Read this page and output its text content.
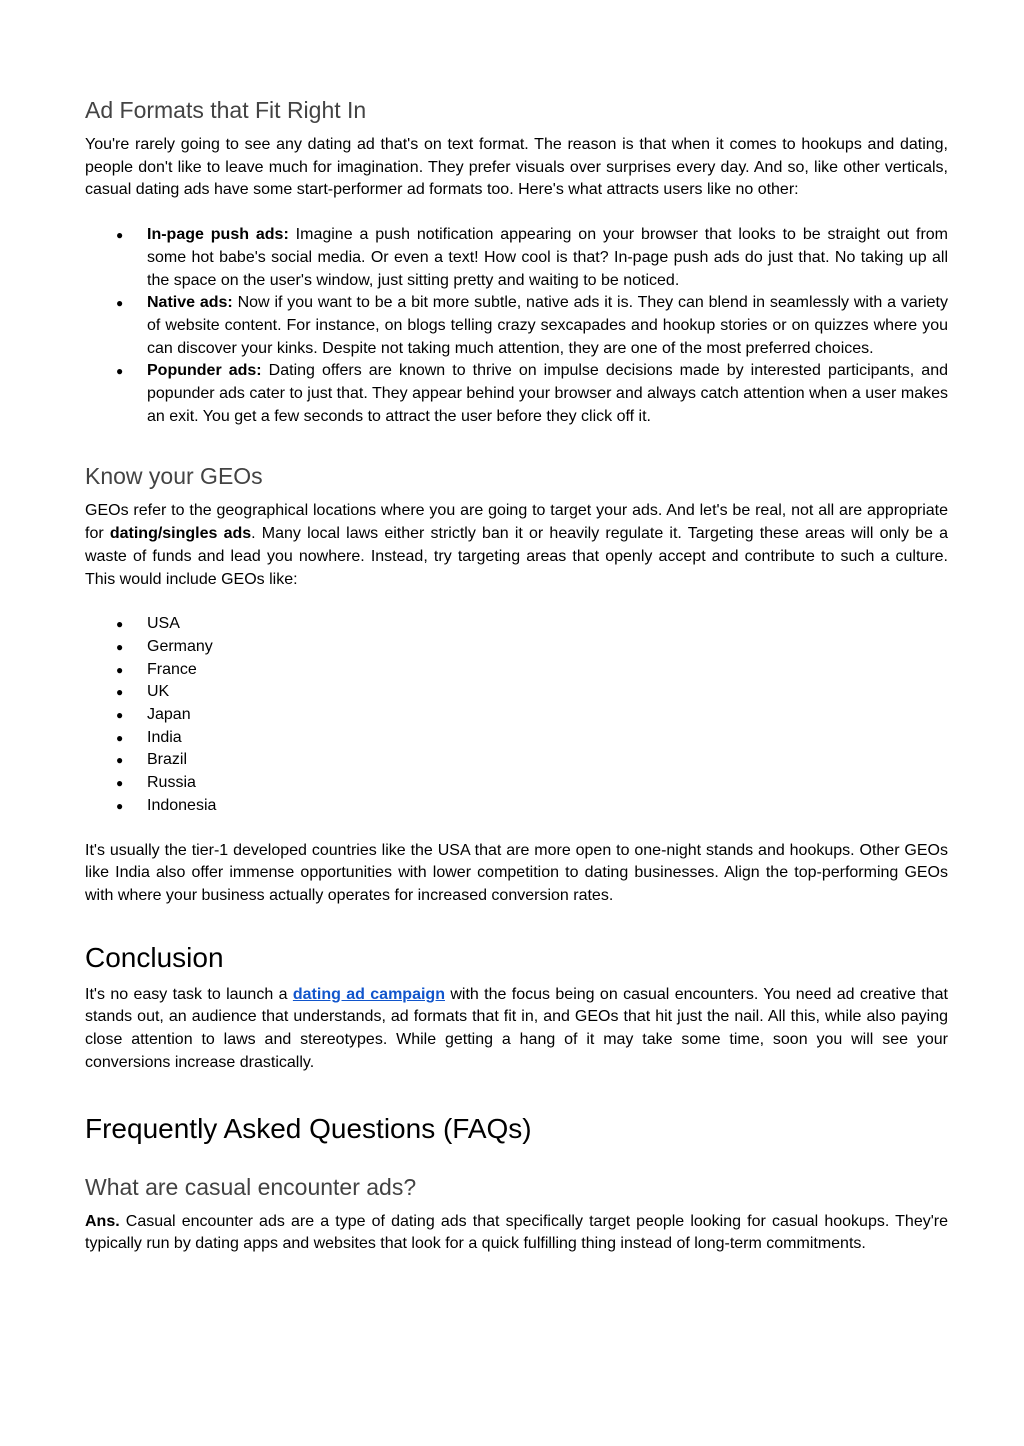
Ad Formats that Fit Right In

You're rarely going to see any dating ad that's on text format. The reason is that when it comes to hookups and dating, people don't like to leave much for imagination. They prefer visuals over surprises every day. And so, like other verticals, casual dating ads have some start-performer ad formats too. Here's what attracts users like no other:

● In-page push ads: Imagine a push notification appearing on your browser that looks to be straight out from some hot babe's social media. Or even a text! How cool is that? In-page push ads do just that. No taking up all the space on the user's window, just sitting pretty and waiting to be noticed.
● Native ads: Now if you want to be a bit more subtle, native ads it is. They can blend in seamlessly with a variety of website content. For instance, on blogs telling crazy sexcapades and hookup stories or on quizzes where you can discover your kinks. Despite not taking much attention, they are one of the most preferred choices.
● Popunder ads: Dating offers are known to thrive on impulse decisions made by interested participants, and popunder ads cater to just that. They appear behind your browser and always catch attention when a user makes an exit. You get a few seconds to attract the user before they click off it.
Know your GEOs

GEOs refer to the geographical locations where you are going to target your ads. And let's be real, not all are appropriate for dating/singles ads. Many local laws either strictly ban it or heavily regulate it. Targeting these areas will only be a waste of funds and lead you nowhere. Instead, try targeting areas that openly accept and contribute to such a culture. This would include GEOs like:

● USA
● Germany
● France
● UK
● Japan
● India
● Brazil
● Russia
● Indonesia

It's usually the tier-1 developed countries like the USA that are more open to one-night stands and hookups. Other GEOs like India also offer immense opportunities with lower competition to dating businesses. Align the top-performing GEOs with where your business actually operates for increased conversion rates.

Conclusion

It's no easy task to launch a dating ad campaign with the focus being on casual encounters. You need ad creative that stands out, an audience that understands, ad formats that fit in, and GEOs that hit just the nail. All this, while also paying close attention to laws and stereotypes. While getting a hang of it may take some time, soon you will see your conversions increase drastically.

Frequently Asked Questions (FAQs)
What are casual encounter ads?

Ans. Casual encounter ads are a type of dating ads that specifically target people looking for casual hookups. They're typically run by dating apps and websites that look for a quick fulfilling thing instead of long-term commitments.
